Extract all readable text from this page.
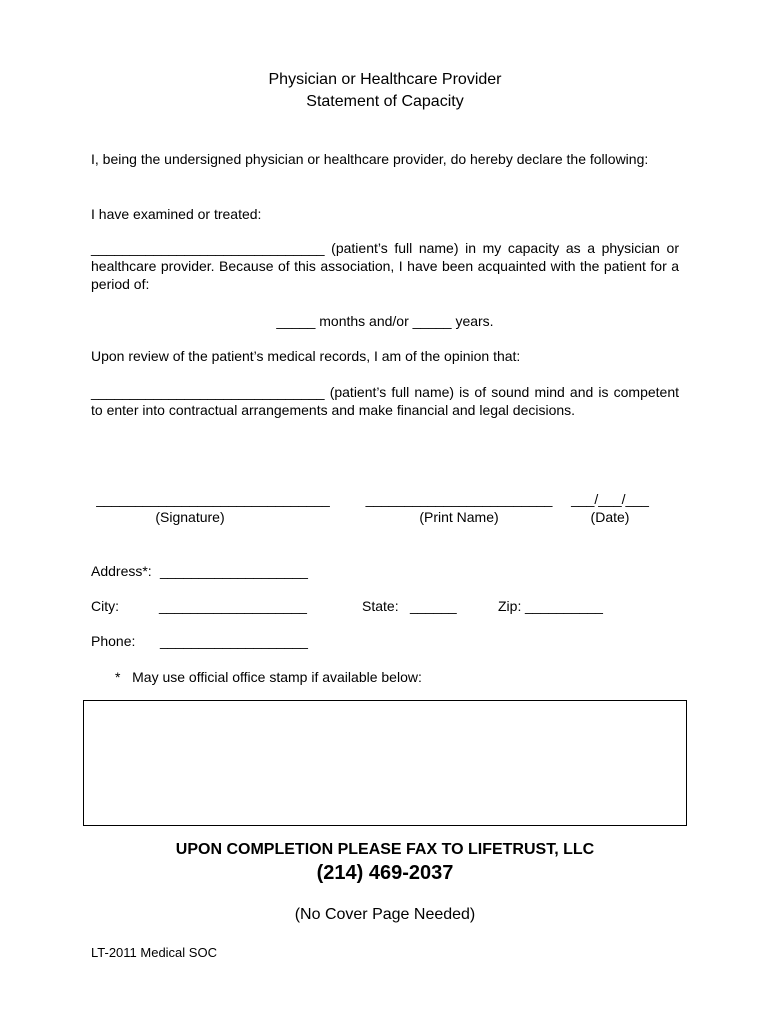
Physician or Healthcare Provider
Statement of Capacity
I, being the undersigned physician or healthcare provider, do hereby declare the following:
I have examined or treated:
______________________________ (patient’s full name) in my capacity as a physician or healthcare provider. Because of this association, I have been acquainted with the patient for a period of:
_____ months and/or _____ years.
Upon review of the patient’s medical records, I am of the opinion that:
______________________________ (patient’s full name) is of sound mind and is competent to enter into contractual arrangements and make financial and legal decisions.
______________________________
(Signature)
________________________
(Print Name)
___/___/___
(Date)
Address*: ___________________
City:	___________________	State: ______	Zip: __________
Phone: ___________________
*   May use official office stamp if available below:
UPON COMPLETION PLEASE FAX TO LIFETRUST, LLC
(214) 469-2037
(No Cover Page Needed)
LT-2011 Medical SOC
